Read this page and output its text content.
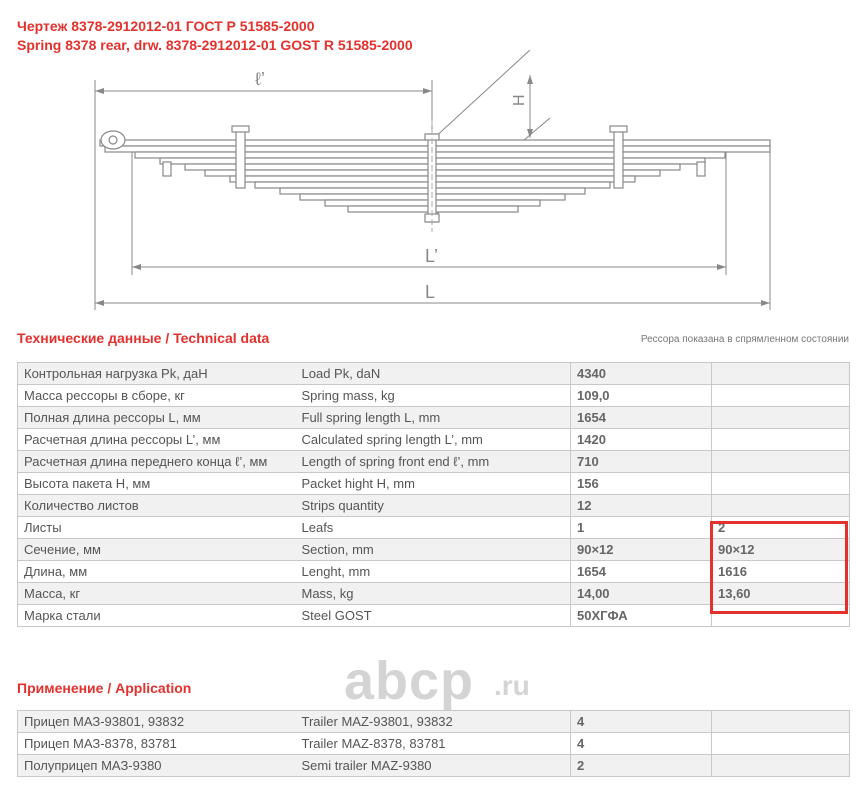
Чертеж 8378-2912012-01 ГОСТ Р 51585-2000
Spring 8378 rear, drw. 8378-2912012-01 GOST R 51585-2000
ℓ’
L’
L
H
Технические данные / Technical data	Рессора показана в спрямленном состоянии
Контрольная нагрузка Pk, даН	Load Pk, daN	4340	
Масса рессоры в сборе, кг	Spring mass, kg	109,0	
Полная длина рессоры L, мм	Full spring length L, mm	1654	
Расчетная длина рессоры L’, мм	Calculated spring length L’, mm	1420	
Расчетная длина переднего конца ℓ’, мм	Length of spring front end ℓ’, mm	710	
Высота пакета H, мм	Packet hight H, mm	156	
Количество листов	Strips quantity	12	
Листы	Leafs	1	2
Сечение, мм	Section, mm	90×12	90×12
Длина, мм	Lenght, mm	1654	1616
Масса, кг	Mass, kg	14,00	13,60
Марка стали	Steel GOST	50ХГФА	
abcp .ru
Применение / Application
Прицеп МАЗ-93801, 93832	Trailer MAZ-93801, 93832	4	
Прицеп МАЗ-8378, 83781	Trailer MAZ-8378, 83781	4	
Полуприцеп МАЗ-9380	Semi trailer MAZ-9380	2	
